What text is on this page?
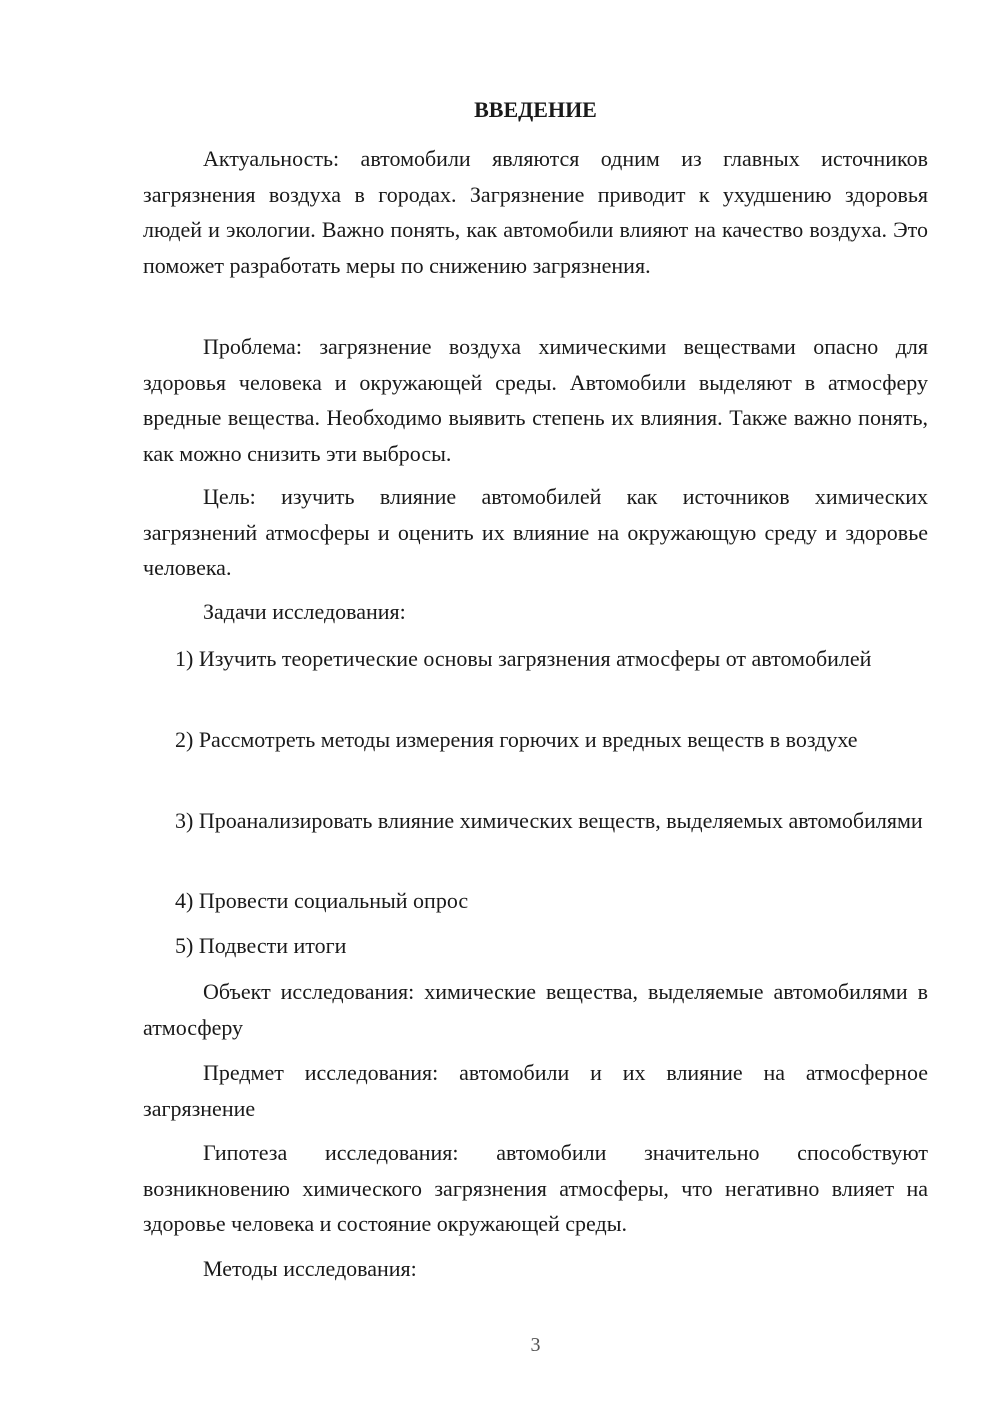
ВВЕДЕНИЕ

Актуальность: автомобили являются одним из главных источников загрязнения воздуха в городах. Загрязнение приводит к ухудшению здоровья людей и экологии. Важно понять, как автомобили влияют на качество воздуха. Это поможет разработать меры по снижению загрязнения.

Проблема: загрязнение воздуха химическими веществами опасно для здоровья человека и окружающей среды. Автомобили выделяют в атмосферу вредные вещества. Необходимо выявить степень их влияния. Также важно понять, как можно снизить эти выбросы.

Цель: изучить влияние автомобилей как источников химических загрязнений атмосферы и оценить их влияние на окружающую среду и здоровье человека.

Задачи исследования:

1) Изучить теоретические основы загрязнения атмосферы от автомобилей

2) Рассмотреть методы измерения горючих и вредных веществ в воздухе

3) Проанализировать влияние химических веществ, выделяемых автомобилями

4) Провести социальный опрос

5) Подвести итоги

Объект исследования: химические вещества, выделяемые автомобилями в атмосферу

Предмет исследования: автомобили и их влияние на атмосферное загрязнение

Гипотеза исследования: автомобили значительно способствуют возникновению химического загрязнения атмосферы, что негативно влияет на здоровье человека и состояние окружающей среды.

Методы исследования:

3
